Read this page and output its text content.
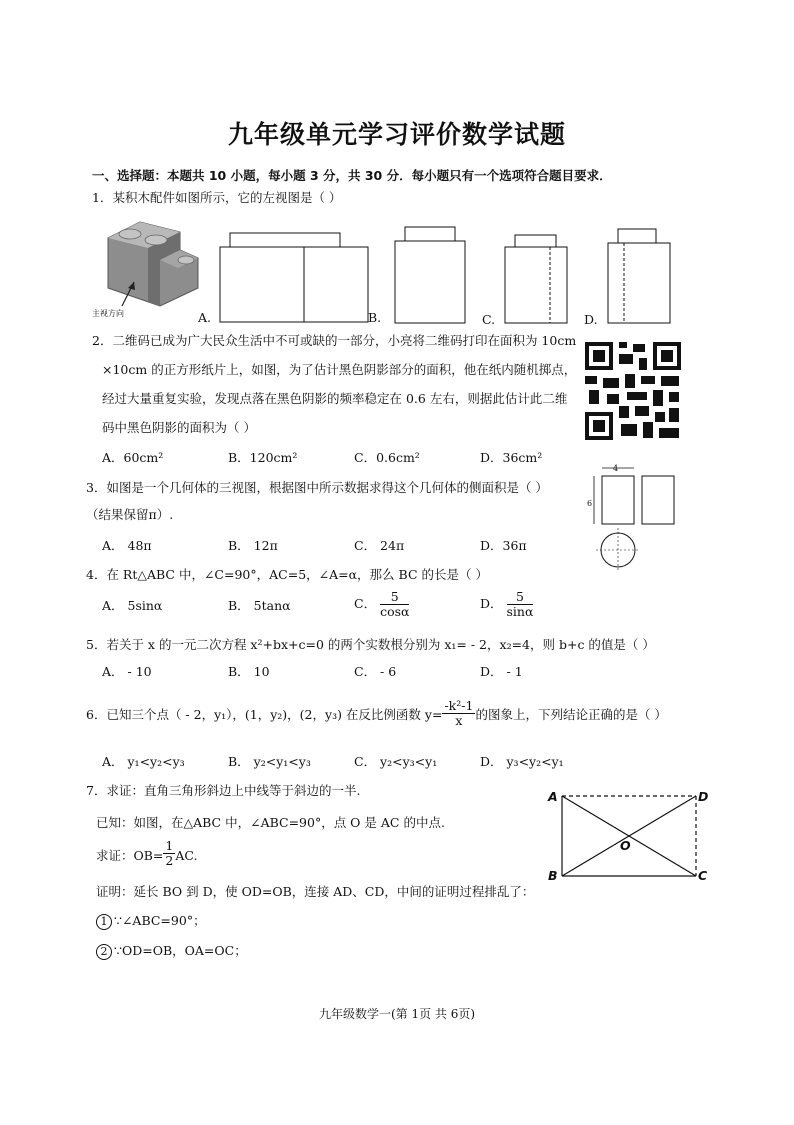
九年级单元学习评价数学试题
一、选择题：本题共 10 小题，每小题 3 分，共 30 分．每小题只有一个选项符合题目要求．
1．某积木配件如图所示，它的左视图是（ ）
主视方向	A.	B.	C.	D.
2．二维码已成为广大民众生活中不可或缺的一部分，小亮将二维码打印在面积为 10cm
×10cm 的正方形纸片上，如图，为了估计黑色阴影部分的面积，他在纸内随机掷点，
经过大量重复实验，发现点落在黑色阴影的频率稳定在 0.6 左右，则据此估计此二维
码中黑色阴影的面积为（ ）
A．60cm²	B．120cm²	C．0.6cm²	D．36cm²
3．如图是一个几何体的三视图，根据图中所示数据求得这个几何体的侧面积是（ ）
（结果保留π）.
4
6
A． 48π	B． 12π	C． 24π	D．36π
4．在 Rt△ABC 中，∠C=90°，AC=5，∠A=α，那么 BC 的长是（ ）
A． 5sinα	B． 5tanα	C． $\frac{5}{\cos\alpha}$	D． $\frac{5}{\sin\alpha}$
5．若关于 x 的一元二次方程 x²+bx+c=0 的两个实数根分别为 x₁= - 2，x₂=4，则 b+c 的值是（ ）
A． - 10	B． 10	C． - 6	D． - 1
6．已知三个点（ - 2，y₁），(1，y₂)，(2，y₃) 在反比例函数 $y= \frac{\text{-k²-1}}{x}$ 的图象上，下列结论正确的是（ ）
A． y₁<y₂<y₃	B． y₂<y₁<y₃	C． y₂<y₃<y₁	D． y₃<y₂<y₁
7．求证：直角三角形斜边上中线等于斜边的一半.
已知：如图，在△ABC 中，∠ABC=90°，点 O 是 AC 的中点.
求证：$OB= \frac{1}{2}$ AC.
证明：延长 BO 到 D，使 OD=OB，连接 AD、CD，中间的证明过程排乱了：
1 ∵∠ABC=90°；
2 ∵OD=OB，OA=OC；
A	D
O
B	C
九年级数学一(第 1页 共 6页)
